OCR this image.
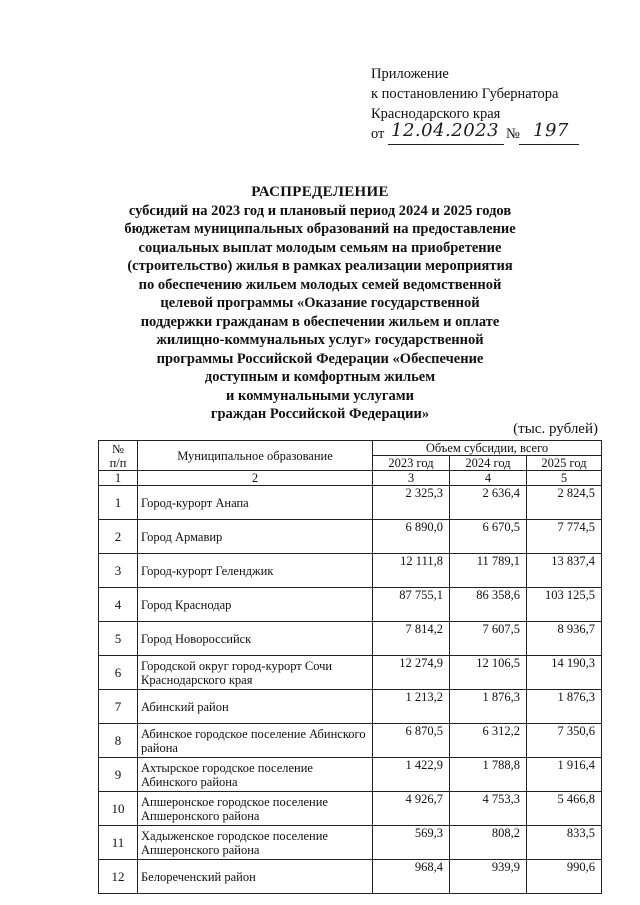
Приложение
к постановлению Губернатора
Краснодарского края
от 12.04.2023 № 197
РАСПРЕДЕЛЕНИЕ
субсидий на 2023 год и плановый период 2024 и 2025 годов
бюджетам муниципальных образований на предоставление
социальных выплат молодым семьям на приобретение
(строительство) жилья в рамках реализации мероприятия
по обеспечению жильем молодых семей ведомственной
целевой программы «Оказание государственной
поддержки гражданам в обеспечении жильем и оплате
жилищно-коммунальных услуг» государственной
программы Российской Федерации «Обеспечение
доступным и комфортным жильем
и коммунальными услугами
граждан Российской Федерации»
(тыс. рублей)
№
п/п	Муниципальное образование	Объем субсидии, всего		
		2023 год	2024 год	2025 год
1	2	3	4	5
1	Город-курорт Анапа	2 325,3	2 636,4	2 824,5
2	Город Армавир	6 890,0	6 670,5	7 774,5
3	Город-курорт Геленджик	12 111,8	11 789,1	13 837,4
4	Город Краснодар	87 755,1	86 358,6	103 125,5
5	Город Новороссийск	7 814,2	7 607,5	8 936,7
6	Городской округ город-курорт Сочи Краснодарского края	12 274,9	12 106,5	14 190,3
7	Абинский район	1 213,2	1 876,3	1 876,3
8	Абинское городское поселение Абинского района	6 870,5	6 312,2	7 350,6
9	Ахтырское городское поселение Абинского района	1 422,9	1 788,8	1 916,4
10	Апшеронское городское поселение Апшеронского района	4 926,7	4 753,3	5 466,8
11	Хадыженское городское поселение Апшеронского района	569,3	808,2	833,5
12	Белореченский район	968,4	939,9	990,6
